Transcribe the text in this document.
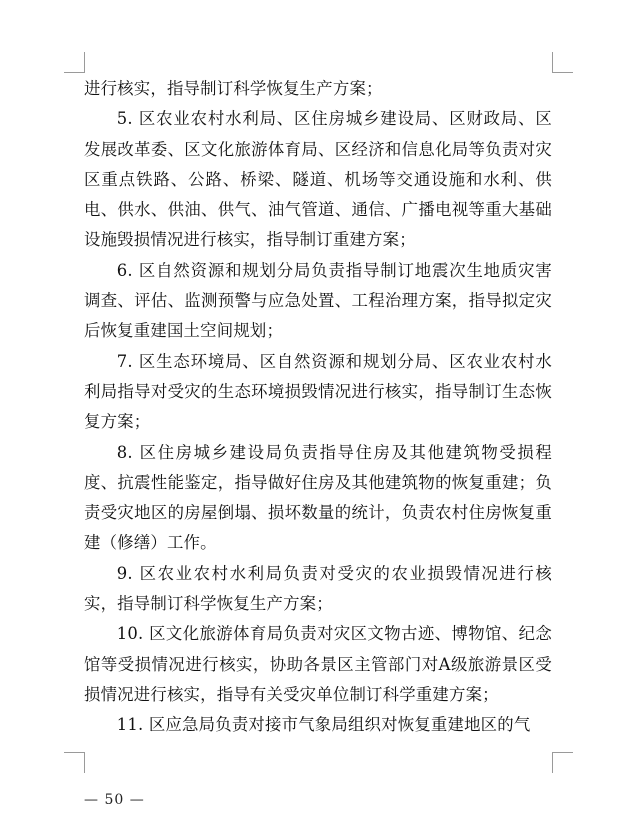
进行核实，指导制订科学恢复生产方案；

5. 区农业农村水利局、区住房城乡建设局、区财政局、区发展改革委、区文化旅游体育局、区经济和信息化局等负责对灾区重点铁路、公路、桥梁、隧道、机场等交通设施和水利、供电、供水、供油、供气、油气管道、通信、广播电视等重大基础设施毁损情况进行核实，指导制订重建方案；

6. 区自然资源和规划分局负责指导制订地震次生地质灾害调查、评估、监测预警与应急处置、工程治理方案，指导拟定灾后恢复重建国土空间规划；

7. 区生态环境局、区自然资源和规划分局、区农业农村水利局指导对受灾的生态环境损毁情况进行核实，指导制订生态恢复方案；

8. 区住房城乡建设局负责指导住房及其他建筑物受损程度、抗震性能鉴定，指导做好住房及其他建筑物的恢复重建；负责受灾地区的房屋倒塌、损坏数量的统计，负责农村住房恢复重建（修缮）工作。

9. 区农业农村水利局负责对受灾的农业损毁情况进行核实，指导制订科学恢复生产方案；

10. 区文化旅游体育局负责对灾区文物古迹、博物馆、纪念馆等受损情况进行核实，协助各景区主管部门对A级旅游景区受损情况进行核实，指导有关受灾单位制订科学重建方案；

11. 区应急局负责对接市气象局组织对恢复重建地区的气

— 50 —
